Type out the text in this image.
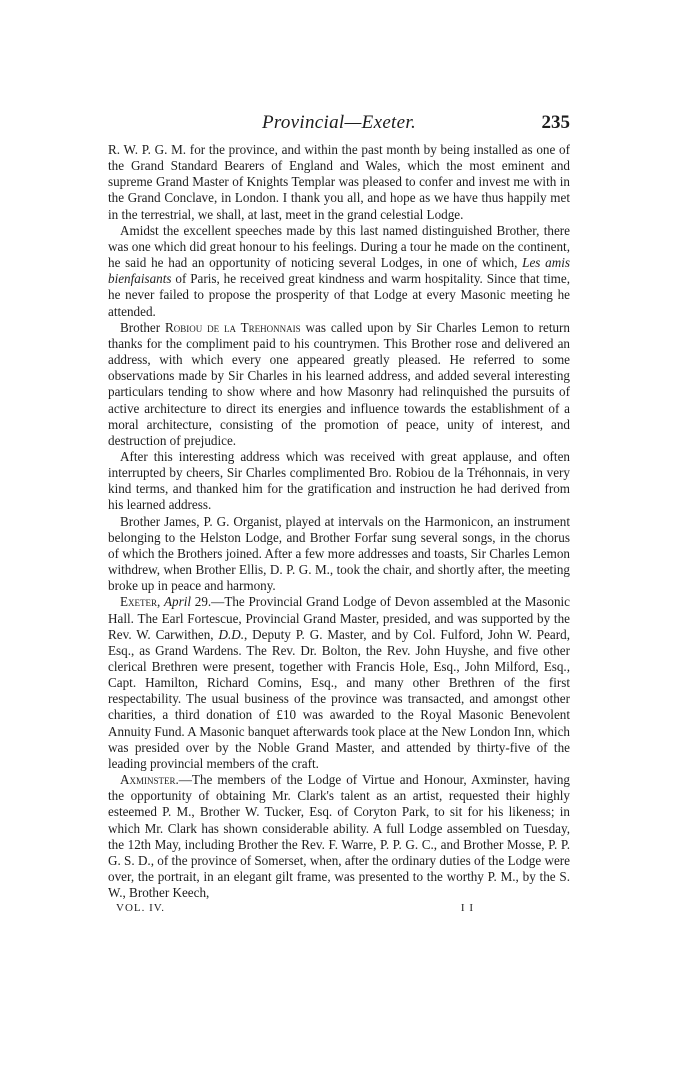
Provincial—Exeter.	235

R. W. P. G. M. for the province, and within the past month by being installed as one of the Grand Standard Bearers of England and Wales, which the most eminent and supreme Grand Master of Knights Templar was pleased to confer and invest me with in the Grand Conclave, in London. I thank you all, and hope as we have thus happily met in the terrestrial, we shall, at last, meet in the grand celestial Lodge.

Amidst the excellent speeches made by this last named distinguished Brother, there was one which did great honour to his feelings. During a tour he made on the continent, he said he had an opportunity of noticing several Lodges, in one of which, Les amis bienfaisants of Paris, he received great kindness and warm hospitality. Since that time, he never failed to propose the prosperity of that Lodge at every Masonic meeting he attended.

Brother Robiou de la Trehonnais was called upon by Sir Charles Lemon to return thanks for the compliment paid to his countrymen. This Brother rose and delivered an address, with which every one appeared greatly pleased. He referred to some observations made by Sir Charles in his learned address, and added several interesting particulars tending to show where and how Masonry had relinquished the pursuits of active architecture to direct its energies and influence towards the establishment of a moral architecture, consisting of the promotion of peace, unity of interest, and destruction of prejudice.

After this interesting address which was received with great applause, and often interrupted by cheers, Sir Charles complimented Bro. Robiou de la Tréhonnais, in very kind terms, and thanked him for the gratification and instruction he had derived from his learned address.

Brother James, P. G. Organist, played at intervals on the Harmonicon, an instrument belonging to the Helston Lodge, and Brother Forfar sung several songs, in the chorus of which the Brothers joined. After a few more addresses and toasts, Sir Charles Lemon withdrew, when Brother Ellis, D. P. G. M., took the chair, and shortly after, the meeting broke up in peace and harmony.

Exeter, April 29.—The Provincial Grand Lodge of Devon assembled at the Masonic Hall. The Earl Fortescue, Provincial Grand Master, presided, and was supported by the Rev. W. Carwithen, D.D., Deputy P. G. Master, and by Col. Fulford, John W. Peard, Esq., as Grand Wardens. The Rev. Dr. Bolton, the Rev. John Huyshe, and five other clerical Brethren were present, together with Francis Hole, Esq., John Milford, Esq., Capt. Hamilton, Richard Comins, Esq., and many other Brethren of the first respectability. The usual business of the province was transacted, and amongst other charities, a third donation of £10 was awarded to the Royal Masonic Benevolent Annuity Fund. A Masonic banquet afterwards took place at the New London Inn, which was presided over by the Noble Grand Master, and attended by thirty-five of the leading provincial members of the craft.

Axminster.—The members of the Lodge of Virtue and Honour, Axminster, having the opportunity of obtaining Mr. Clark's talent as an artist, requested their highly esteemed P. M., Brother W. Tucker, Esq. of Coryton Park, to sit for his likeness; in which Mr. Clark has shown considerable ability. A full Lodge assembled on Tuesday, the 12th May, including Brother the Rev. F. Warre, P. P. G. C., and Brother Mosse, P. P. G. S. D., of the province of Somerset, when, after the ordinary duties of the Lodge were over, the portrait, in an elegant gilt frame, was presented to the worthy P. M., by the S. W., Brother Keech,

VOL. IV.	I I
